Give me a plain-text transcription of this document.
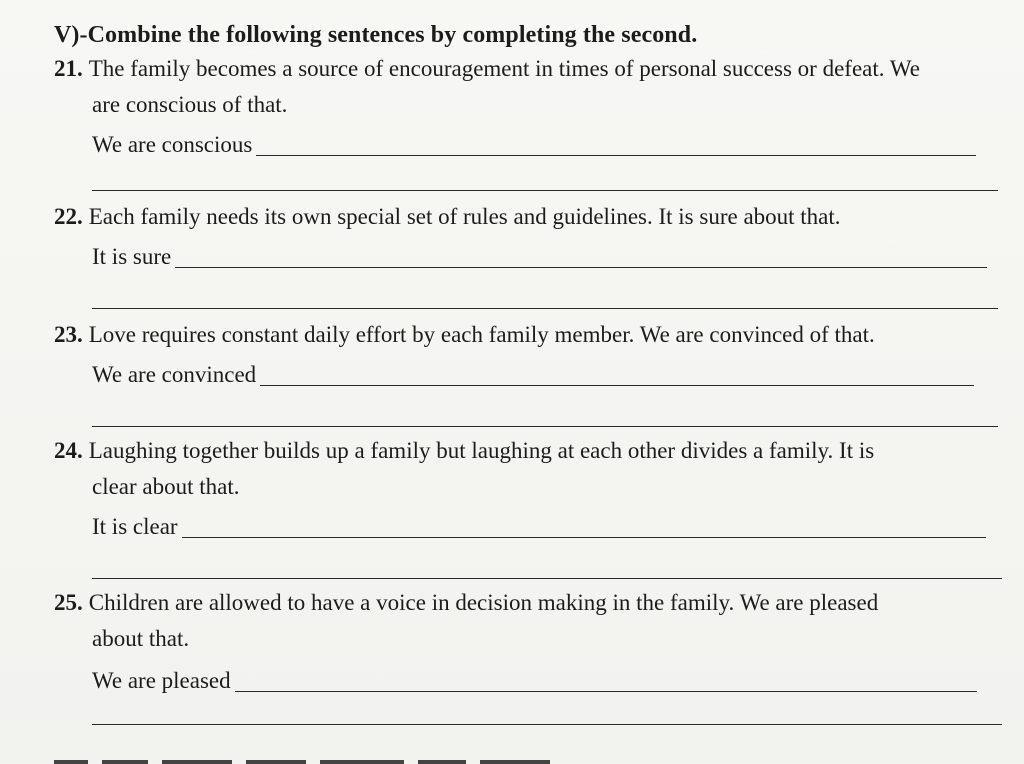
V)-Combine the following sentences by completing the second.
21. The family becomes a source of encouragement in times of personal success or defeat. We
are conscious of that.
We are conscious
22. Each family needs its own special set of rules and guidelines. It is sure about that.
It is sure
23. Love requires constant daily effort by each family member. We are convinced of that.
We are convinced
24. Laughing together builds up a family but laughing at each other divides a family. It is
clear about that.
It is clear
25. Children are allowed to have a voice in decision making in the family. We are pleased
about that.
We are pleased
